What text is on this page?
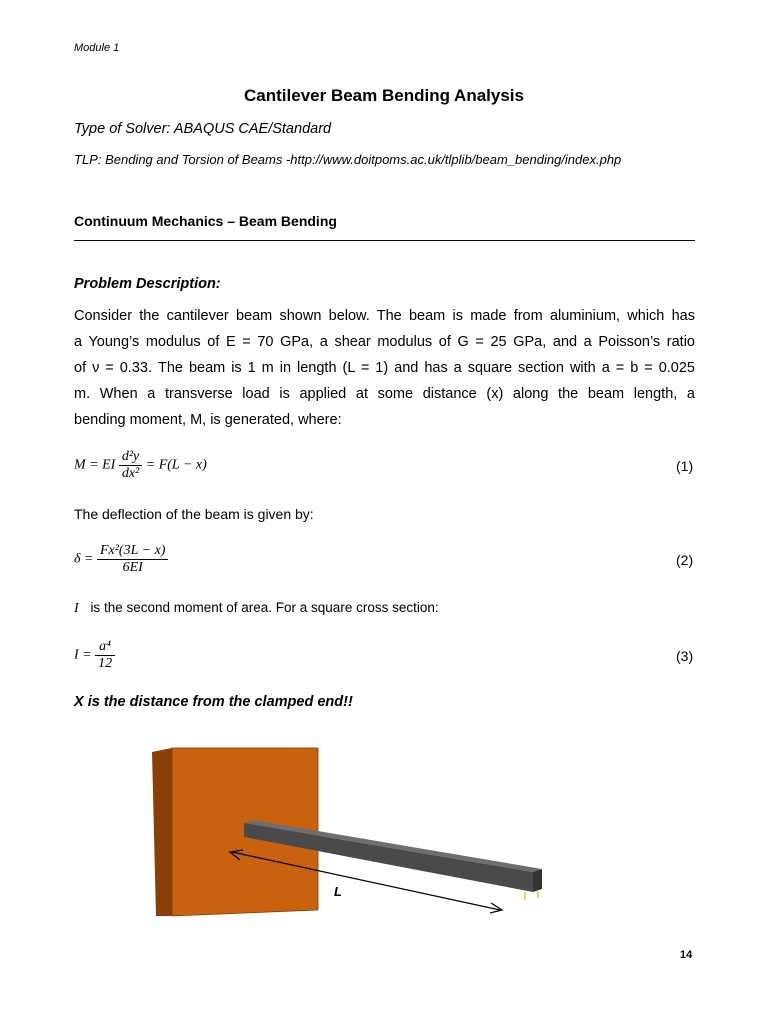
Module 1
Cantilever Beam Bending Analysis
Type of Solver: ABAQUS CAE/Standard
TLP: Bending and Torsion of Beams -http://www.doitpoms.ac.uk/tlplib/beam_bending/index.php
Continuum Mechanics – Beam Bending
Problem Description:
Consider the cantilever beam shown below. The beam is made from aluminium, which has
a Young’s modulus of E = 70 GPa, a shear modulus of G = 25 GPa, and a Poisson’s ratio
of ν = 0.33. The beam is 1 m in length (L = 1) and has a square section with a = b = 0.025
m. When a transverse load is applied at some distance (x) along the beam length, a
bending moment, M, is generated, where:
M = EI $\frac{\text{d²y}}{\text{dx²}} = F(L - x)$	(1)
The deflection of the beam is given by:
$\delta = \frac{\text{Fx²(3L − x)}}{6EI}$	(2)
I is the second moment of area. For a square cross section:
$I = \frac{\text{a⁴}}{12}$	(3)
X is the distance from the clamped end!!
L
14
